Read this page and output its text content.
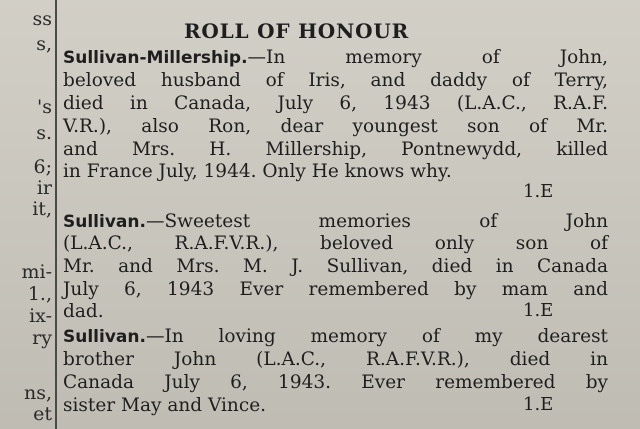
ss
s,
's
s.
6;
ir
it,
mi-
1.,
ix-
ry
ns,
et
ROLL OF HONOUR
Sullivan-Millership.—In memory of John,
beloved husband of Iris, and daddy of Terry,
died in Canada, July 6, 1943 (L.A.C., R.A.F.
V.R.), also Ron, dear youngest son of Mr.
and Mrs. H. Millership, Pontnewydd, killed
in France July, 1944. Only He knows why.
1.E
Sullivan.—Sweetest memories of John
(L.A.C., R.A.F.V.R.), beloved only son of
Mr. and Mrs. M. J. Sullivan, died in Canada
July 6, 1943 Ever remembered by mam and
dad.	1.E
Sullivan.—In loving memory of my dearest
brother John (L.A.C., R.A.F.V.R.), died in
Canada July 6, 1943. Ever remembered by
sister May and Vince.	1.E
